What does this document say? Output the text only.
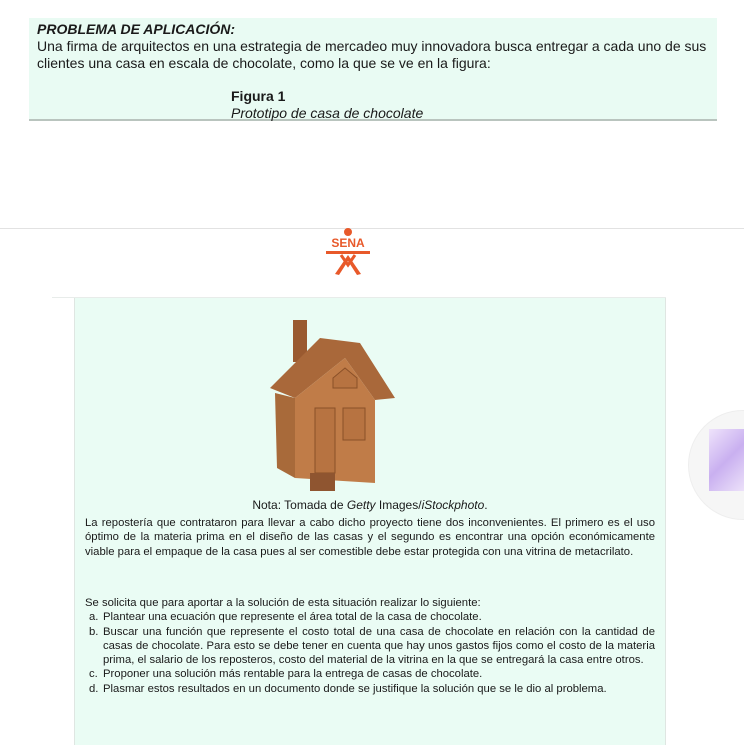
PROBLEMA DE APLICACIÓN:

Una firma de arquitectos en una estrategia de mercadeo muy innovadora busca entregar a cada uno de sus clientes una casa en escala de chocolate, como la que se ve en la figura:

Figura 1
Prototipo de casa de chocolate
SENA
Nota: Tomada de Getty Images/iStockphoto.
La repostería que contrataron para llevar a cabo dicho proyecto tiene dos inconvenientes. El primero es el uso óptimo de la materia prima en el diseño de las casas y el segundo es encontrar una opción económicamente viable para el empaque de la casa pues al ser comestible debe estar protegida con una vitrina de metacrilato.
Se solicita que para aportar a la solución de esta situación realizar lo siguiente:
a. Plantear una ecuación que represente el área total de la casa de chocolate.
b. Buscar una función que represente el costo total de una casa de chocolate en relación con la cantidad de casas de chocolate. Para esto se debe tener en cuenta que hay unos gastos fijos como el costo de la materia prima, el salario de los reposteros, costo del material de la vitrina en la que se entregará la casa entre otros.
c. Proponer una solución más rentable para la entrega de casas de chocolate.
d. Plasmar estos resultados en un documento donde se justifique la solución que se le dio al problema.
